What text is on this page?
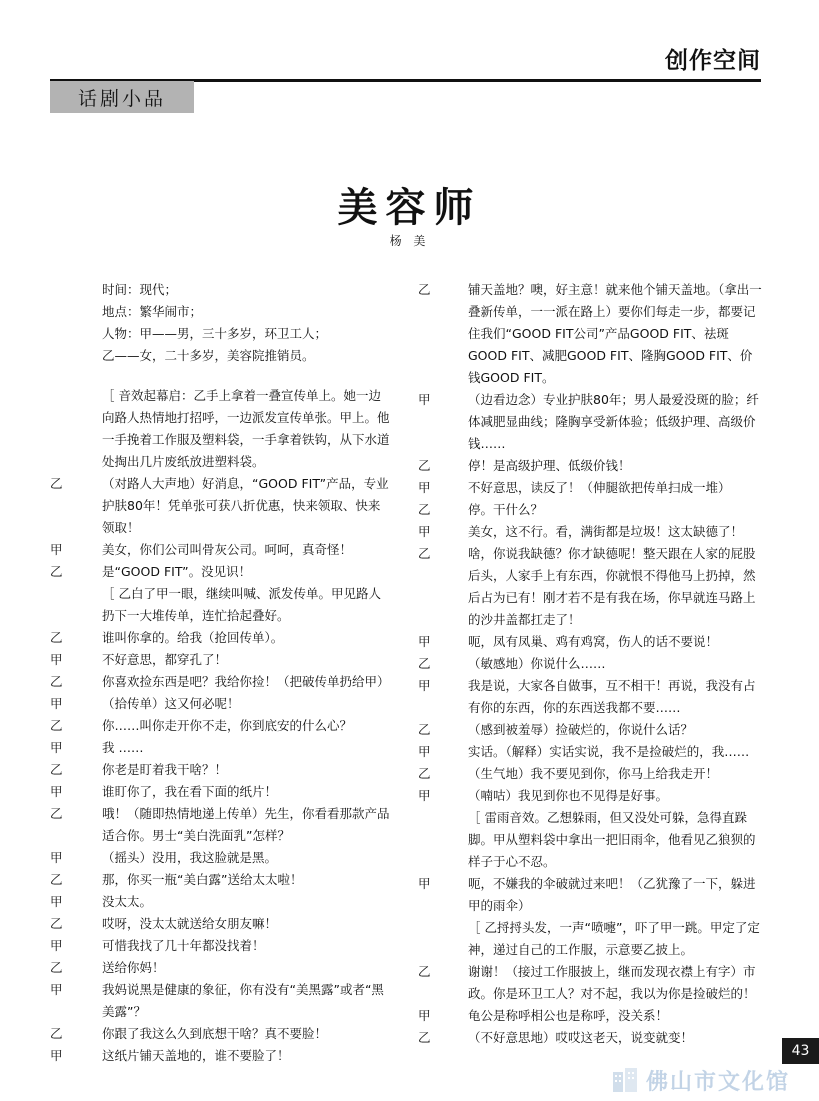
创作空间
话剧小品
美容师
杨 美
时间：现代；
地点：繁华闹市；
人物：甲——男，三十多岁，环卫工人；
乙——女，二十多岁，美容院推销员。
［ 音效起幕启：乙手上拿着一叠宣传单上。她一边向路人热情地打招呼，一边派发宣传单张。甲上。他一手挽着工作服及塑料袋，一手拿着铁钩，从下水道处掏出几片废纸放进塑料袋。
乙	（对路人大声地）好消息，“GOOD FIT”产品，专业护肤80年！凭单张可获八折优惠，快来领取、快来领取！
甲	美女，你们公司叫骨灰公司。呵呵，真奇怪！
乙	是“GOOD FIT”。没见识！
［ 乙白了甲一眼，继续叫喊、派发传单。甲见路人扔下一大堆传单，连忙拾起叠好。
乙	谁叫你拿的。给我（抢回传单）。
甲	不好意思，都穿孔了！
乙	你喜欢捡东西是吧？我给你捡！（把破传单扔给甲）
甲	（拾传单）这又何必呢！
乙	你……叫你走开你不走，你到底安的什么心？
甲	我 ……
乙	你老是盯着我干啥？！
甲	谁盯你了，我在看下面的纸片！
乙	哦！（随即热情地递上传单）先生，你看看那款产品适合你。男士“美白洗面乳”怎样？
甲	（摇头）没用，我这脸就是黑。
乙	那，你买一瓶“美白露”送给太太啦！
甲	没太太。
乙	哎呀，没太太就送给女朋友嘛！
甲	可惜我找了几十年都没找着！
乙	送给你妈！
甲	我妈说黑是健康的象征，你有没有“美黑露”或者“黑美露”？
乙	你跟了我这么久到底想干啥？真不要脸！
甲	这纸片铺天盖地的，谁不要脸了！
乙	铺天盖地？噢，好主意！就来他个铺天盖地。（拿出一叠新传单，一一派在路上）要你们每走一步，都要记住我们“GOOD FIT公司”产品GOOD FIT、祛斑GOOD FIT、减肥GOOD FIT、隆胸GOOD FIT、价钱GOOD FIT。
甲	（边看边念）专业护肤80年；男人最爱没斑的脸；纤体减肥显曲线；隆胸享受新体验；低级护理、高级价钱……
乙	停！是高级护理、低级价钱！
甲	不好意思，读反了！（伸腿欲把传单扫成一堆）
乙	停。干什么？
甲	美女，这不行。看，满街都是垃圾！这太缺德了！
乙	啥，你说我缺德？你才缺德呢！整天跟在人家的屁股后头，人家手上有东西，你就恨不得他马上扔掉，然后占为已有！刚才若不是有我在场，你早就连马路上的沙井盖都扛走了！
甲	呃，凤有凤巢、鸡有鸡窝，伤人的话不要说！
乙	（敏感地）你说什么……
甲	我是说，大家各自做事，互不相干！再说，我没有占有你的东西，你的东西送我都不要……
乙	（感到被羞辱）捡破烂的，你说什么话？
甲	实话。（解释）实话实说，我不是捡破烂的，我……
乙	（生气地）我不要见到你，你马上给我走开！
甲	（喃咕）我见到你也不见得是好事。
［ 雷雨音效。乙想躲雨，但又没处可躲，急得直跺脚。甲从塑料袋中拿出一把旧雨伞，他看见乙狼狈的样子于心不忍。
甲	呃，不嫌我的伞破就过来吧！（乙犹豫了一下，躲进甲的雨伞）
［ 乙捋捋头发，一声“喷嚏”，吓了甲一跳。甲定了定神，递过自己的工作服，示意要乙披上。
乙	谢谢！（接过工作服披上，继而发现衣襟上有字）市政。你是环卫工人？对不起，我以为你是捡破烂的！
甲	龟公是称呼相公也是称呼，没关系！
乙	（不好意思地）哎哎这老天，说变就变！
43
佛山市文化馆
